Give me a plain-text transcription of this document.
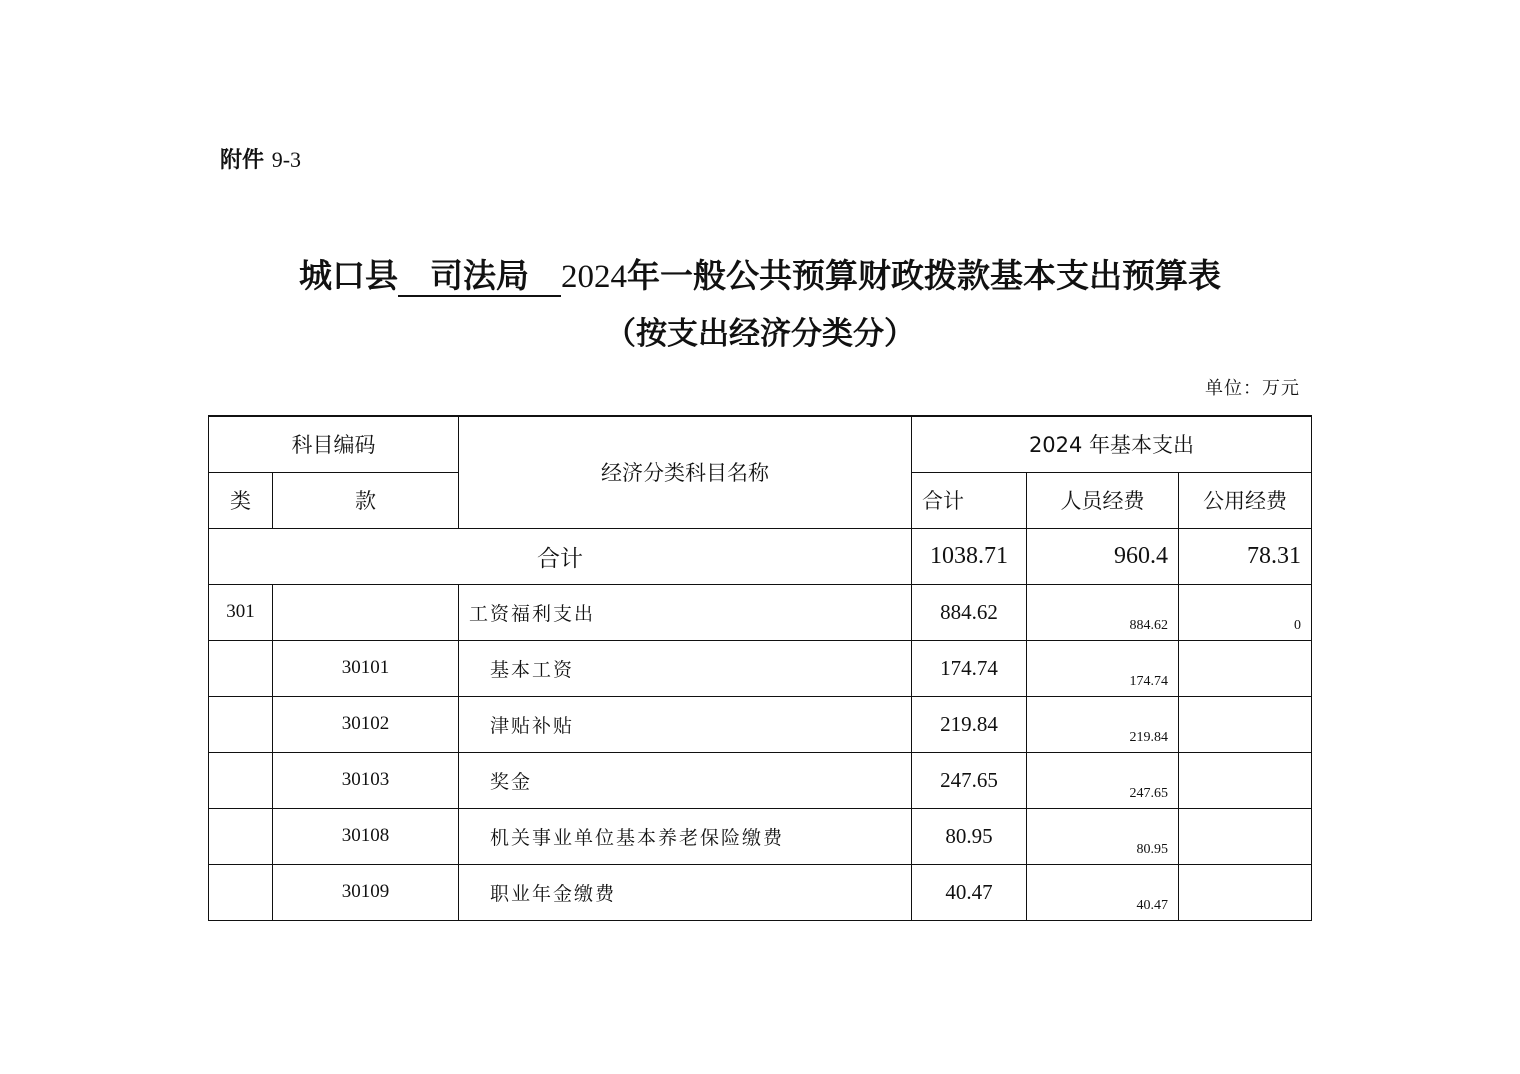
附件 9-3
城口县 司法局 2024年一般公共预算财政拨款基本支出预算表
（按支出经济分类分）
单位：万元
科目编码		经济分类科目名称	2024 年基本支出		
类	款		合计	人员经费	公用经费
合计			1038.71	960.4	78.31
301		工资福利支出	884.62	884.62	0
	30101	基本工资	174.74	174.74	
	30102	津贴补贴	219.84	219.84	
	30103	奖金	247.65	247.65	
	30108	机关事业单位基本养老保险缴费	80.95	80.95	
	30109	职业年金缴费	40.47	40.47	
